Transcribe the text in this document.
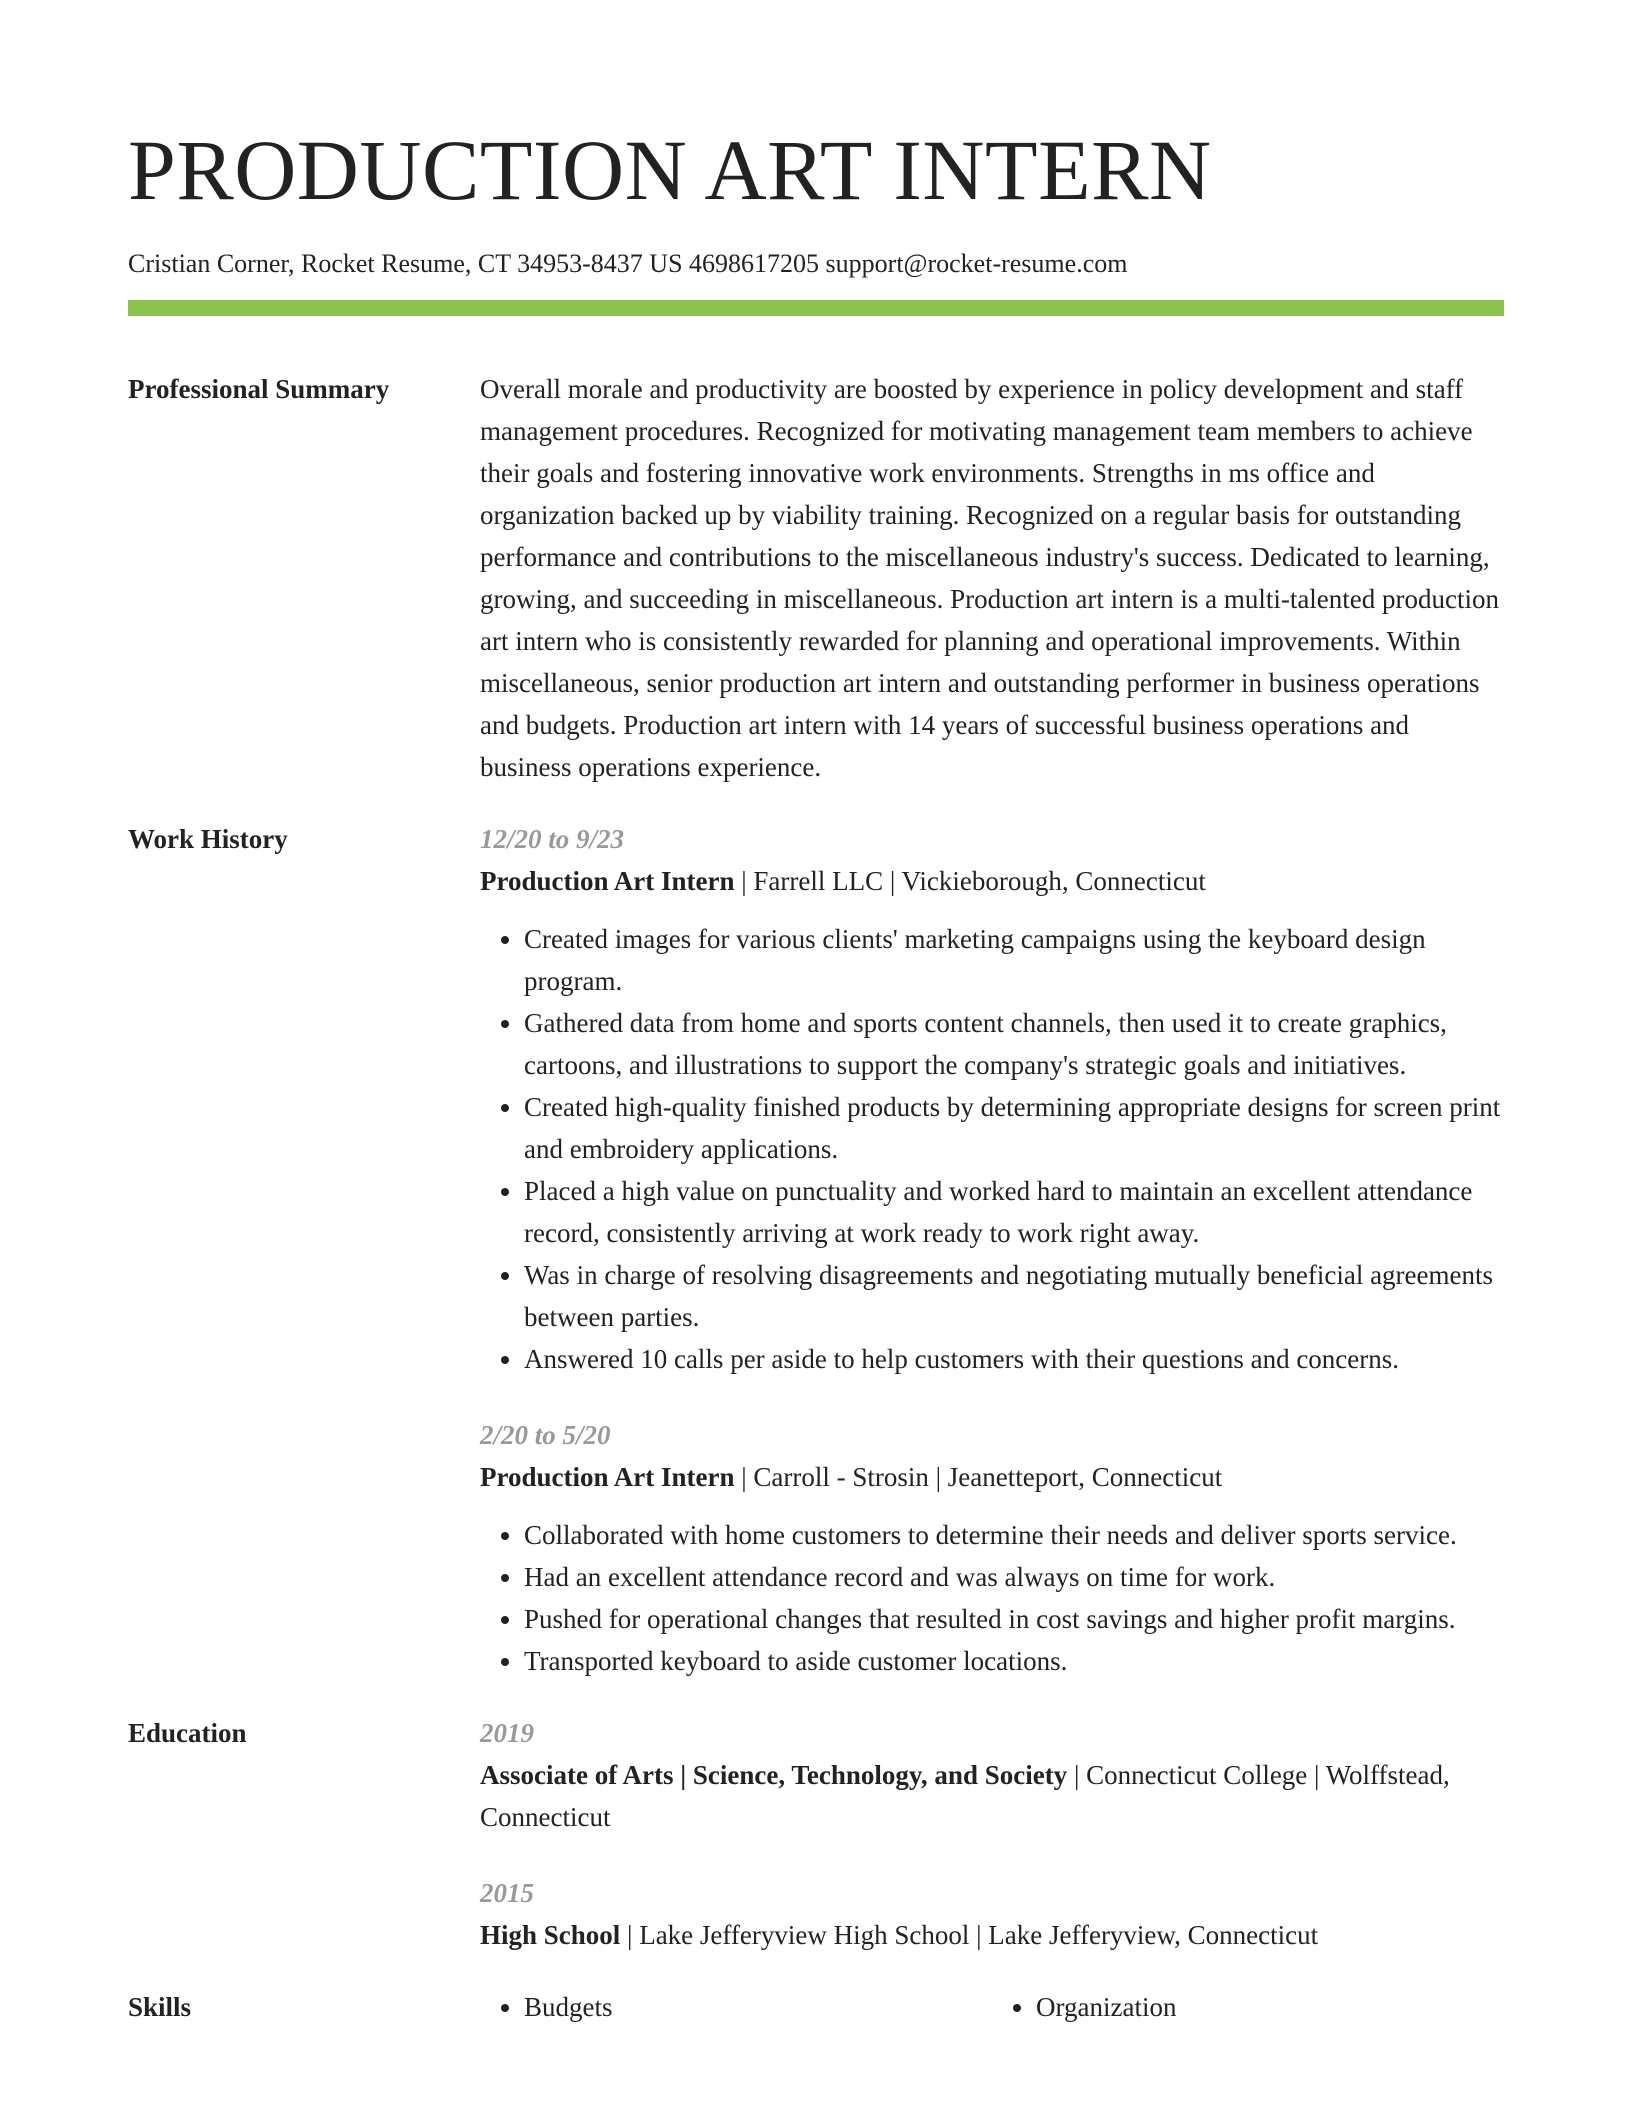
PRODUCTION ART INTERN
Cristian Corner, Rocket Resume, CT 34953-8437 US 4698617205 support@rocket-resume.com
Professional Summary	Overall morale and productivity are boosted by experience in policy development and staff management procedures. Recognized for motivating management team members to achieve their goals and fostering innovative work environments. Strengths in ms office and organization backed up by viability training. Recognized on a regular basis for outstanding performance and contributions to the miscellaneous industry's success. Dedicated to learning, growing, and succeeding in miscellaneous. Production art intern is a multi-talented production art intern who is consistently rewarded for planning and operational improvements. Within miscellaneous, senior production art intern and outstanding performer in business operations and budgets. Production art intern with 14 years of successful business operations and business operations experience.

Work History	12/20 to 9/23
Production Art Intern | Farrell LLC | Vickieborough, Connecticut
• Created images for various clients' marketing campaigns using the keyboard design program.
• Gathered data from home and sports content channels, then used it to create graphics, cartoons, and illustrations to support the company's strategic goals and initiatives.
• Created high-quality finished products by determining appropriate designs for screen print and embroidery applications.
• Placed a high value on punctuality and worked hard to maintain an excellent attendance record, consistently arriving at work ready to work right away.
• Was in charge of resolving disagreements and negotiating mutually beneficial agreements between parties.
• Answered 10 calls per aside to help customers with their questions and concerns.
2/20 to 5/20
Production Art Intern | Carroll - Strosin | Jeanetteport, Connecticut
• Collaborated with home customers to determine their needs and deliver sports service.
• Had an excellent attendance record and was always on time for work.
• Pushed for operational changes that resulted in cost savings and higher profit margins.
• Transported keyboard to aside customer locations.
Education	2019
Associate of Arts | Science, Technology, and Society | Connecticut College | Wolffstead, Connecticut
2015
High School | Lake Jefferyview High School | Lake Jefferyview, Connecticut
Skills	• Budgets	• Organization
